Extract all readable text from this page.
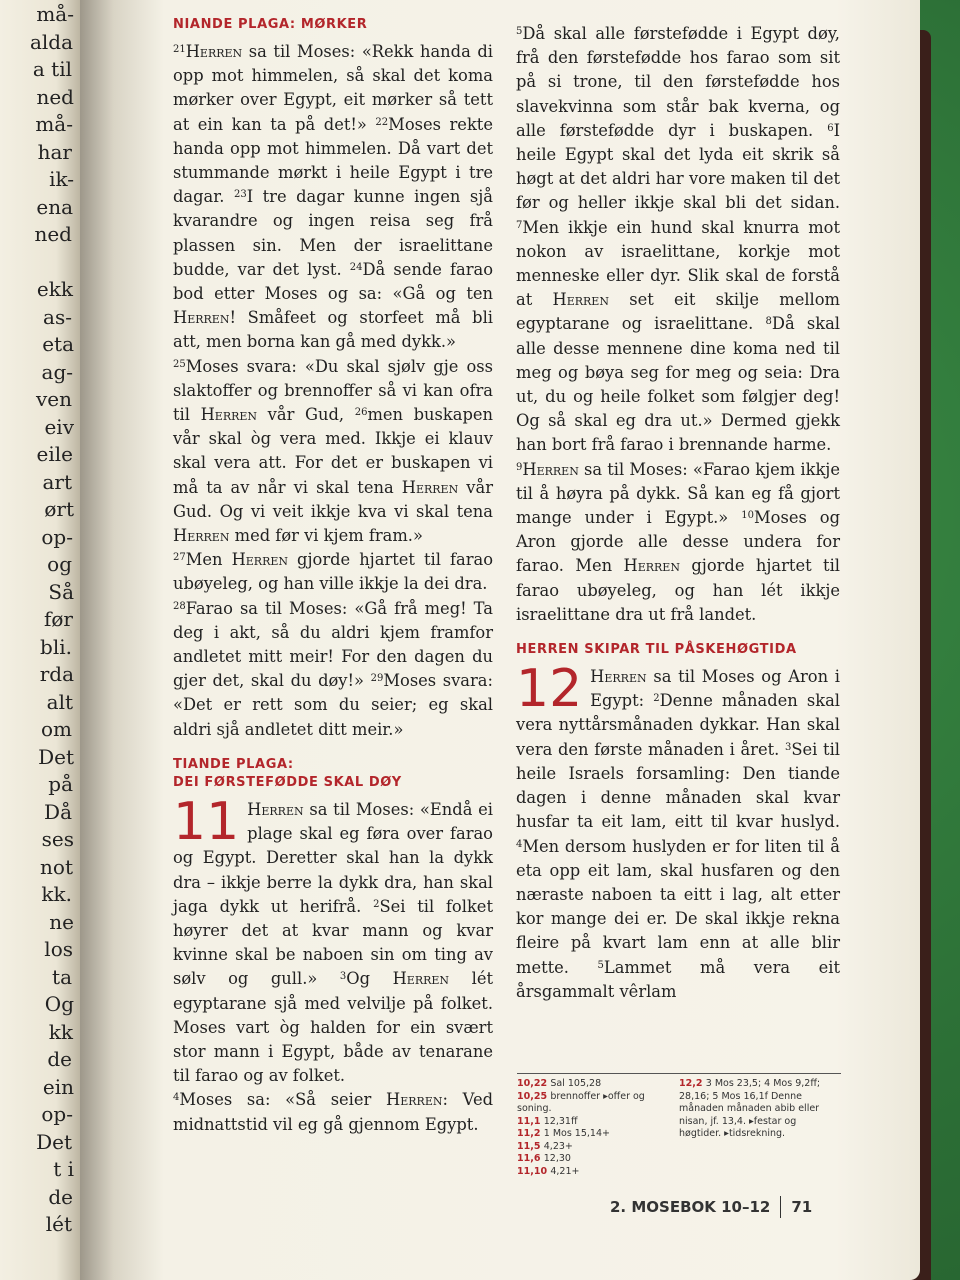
må-
alda
a til
ned
må-
har
ik-
ena
ned
ekk
as-
eta
ag-
ven
eiv
eile
art
ørt
op-
og
Så
før
bli.
rda
alt
om
Det
på
Då
ses
not
kk.
ne
los
ta
Og
kk
de
ein
op-
Det
t i
de
lét
NIANDE PLAGA: MØRKER
$^{21}$Herren sa til Moses: «Rekk handa di opp mot himmelen, så skal det koma mørker over Egypt, eit mørker så tett at ein kan ta på det!» $^{22}$Moses rekte handa opp mot himmelen. Då vart det stummande mørkt i heile Egypt i tre dagar. $^{23}$I tre dagar kunne ingen sjå kvarandre og ingen reisa seg frå plassen sin. Men der israelittane budde, var det lyst. $^{24}$Då sende farao bod etter Moses og sa: «Gå og ten Herren! Småfeet og storfeet må bli att, men borna kan gå med dykk.»
$^{25}$Moses svara: «Du skal sjølv gje oss slaktoffer og brennoffer så vi kan ofra til Herren vår Gud, $^{26}$men buskapen vår skal òg vera med. Ikkje ei klauv skal vera att. For det er buskapen vi må ta av når vi skal tena Herren vår Gud. Og vi veit ikkje kva vi skal tena Herren med før vi kjem fram.»
$^{27}$Men Herren gjorde hjartet til farao ubøyeleg, og han ville ikkje la dei dra.
$^{28}$Farao sa til Moses: «Gå frå meg! Ta deg i akt, så du aldri kjem framfor andletet mitt meir! For den dagen du gjer det, skal du døy!» $^{29}$Moses svara: «Det er rett som du seier; eg skal aldri sjå andletet ditt meir.»
TIANDE PLAGA:
DEI FØRSTEFØDDE SKAL DØY
11 Herren sa til Moses: «Endå ei plage skal eg føra over farao og Egypt. Deretter skal han la dykk dra – ikkje berre la dykk dra, han skal jaga dykk ut herifrå. $^2$Sei til folket høyrer det at kvar mann og kvar kvinne skal be naboen sin om ting av sølv og gull.» $^3$Og Herren lét egyptarane sjå med velvilje på folket. Moses vart òg halden for ein svært stor mann i Egypt, både av tenarane til farao og av folket.
$^4$Moses sa: «Så seier Herren: Ved midnattstid vil eg gå gjennom Egypt.
$^5$Då skal alle førstefødde i Egypt døy, frå den førstefødde hos farao som sit på si trone, til den førstefødde hos slavekvinna som står bak kverna, og alle førstefødde dyr i buskapen. $^6$I heile Egypt skal det lyda eit skrik så høgt at det aldri har vore maken til det før og heller ikkje skal bli det sidan. $^7$Men ikkje ein hund skal knurra mot nokon av israelittane, korkje mot menneske eller dyr. Slik skal de forstå at Herren set eit skilje mellom egyptarane og israelittane. $^8$Då skal alle desse mennene dine koma ned til meg og bøya seg for meg og seia: Dra ut, du og heile folket som følgjer deg! Og så skal eg dra ut.» Dermed gjekk han bort frå farao i brennande harme.
$^9$Herren sa til Moses: «Farao kjem ikkje til å høyra på dykk. Så kan eg få gjort mange under i Egypt.» $^{10}$Moses og Aron gjorde alle desse undera for farao. Men Herren gjorde hjartet til farao ubøyeleg, og han lét ikkje israelittane dra ut frå landet.
HERREN SKIPAR TIL PÅSKEHØGTIDA
12 Herren sa til Moses og Aron i Egypt: $^2$Denne månaden skal vera nyttårsmånaden dykkar. Han skal vera den første månaden i året. $^3$Sei til heile Israels forsamling: Den tiande dagen i denne månaden skal kvar husfar ta eit lam, eitt til kvar huslyd. $^4$Men dersom huslyden er for liten til å eta opp eit lam, skal husfaren og den næraste naboen ta eitt i lag, alt etter kor mange dei er. De skal ikkje rekna fleire på kvart lam enn at alle blir mette. $^5$Lammet må vera eit årsgammalt vêrlam
10,22 Sal 105,28
10,25 brennoffer ▸offer og soning.
11,1 12,31ff
11,2 1 Mos 15,14+
11,5 4,23+
11,6 12,30
11,10 4,21+
12,2 3 Mos 23,5; 4 Mos 9,2ff; 28,16; 5 Mos 16,1f Denne månaden månaden abib eller nisan, jf. 13,4. ▸festar og høgtider. ▸tidsrekning.
2. MOSEBOK 10–12 71
